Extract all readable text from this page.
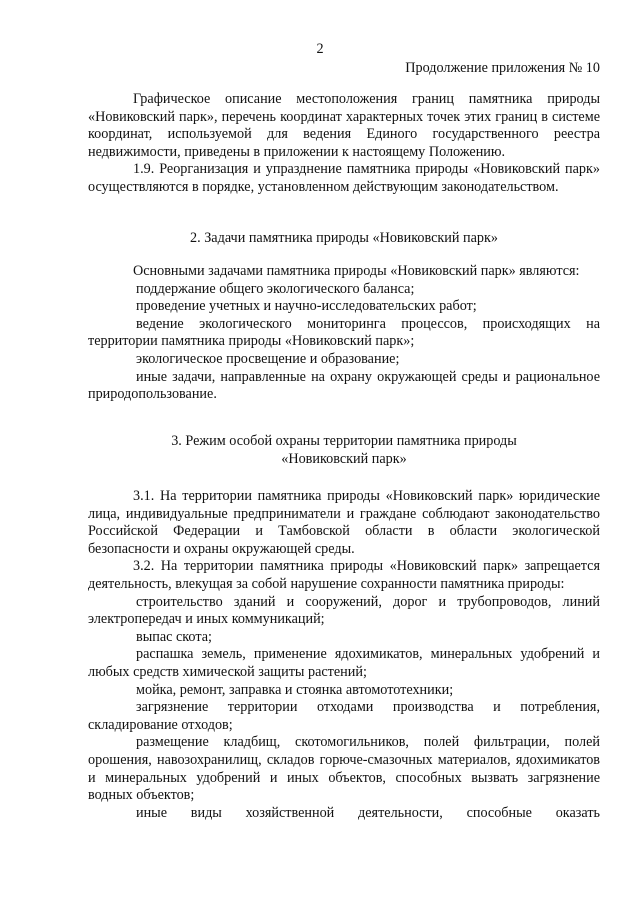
2
Продолжение приложения № 10

Графическое описание местоположения границ памятника природы «Новиковский парк», перечень координат характерных точек этих границ в системе координат, используемой для ведения Единого государственного реестра недвижимости, приведены в приложении к настоящему Положению.

1.9. Реорганизация и упразднение памятника природы «Новиковский парк» осуществляются в порядке, установленном действующим законодательством.

2. Задачи памятника природы «Новиковский парк»

Основными задачами памятника природы «Новиковский парк» являются:

поддержание общего экологического баланса;

проведение учетных и научно-исследовательских работ;

ведение экологического мониторинга процессов, происходящих на территории памятника природы «Новиковский парк»;

экологическое просвещение и образование;

иные задачи, направленные на охрану окружающей среды и рациональное природопользование.

3. Режим особой охраны территории памятника природы
«Новиковский парк»

3.1. На территории памятника природы «Новиковский парк» юридические лица, индивидуальные предприниматели и граждане соблюдают законодательство Российской Федерации и Тамбовской области в области экологической безопасности и охраны окружающей среды.

3.2. На территории памятника природы «Новиковский парк» запрещается деятельность, влекущая за собой нарушение сохранности памятника природы:

строительство зданий и сооружений, дорог и трубопроводов, линий электропередач и иных коммуникаций;

выпас скота;

распашка земель, применение ядохимикатов, минеральных удобрений и любых средств химической защиты растений;

мойка, ремонт, заправка и стоянка автомототехники;

загрязнение территории отходами производства и потребления, складирование отходов;

размещение кладбищ, скотомогильников, полей фильтрации, полей орошения, навозохранилищ, складов горюче-смазочных материалов, ядохимикатов и минеральных удобрений и иных объектов, способных вызвать загрязнение водных объектов;

иные виды хозяйственной деятельности, способные оказать
